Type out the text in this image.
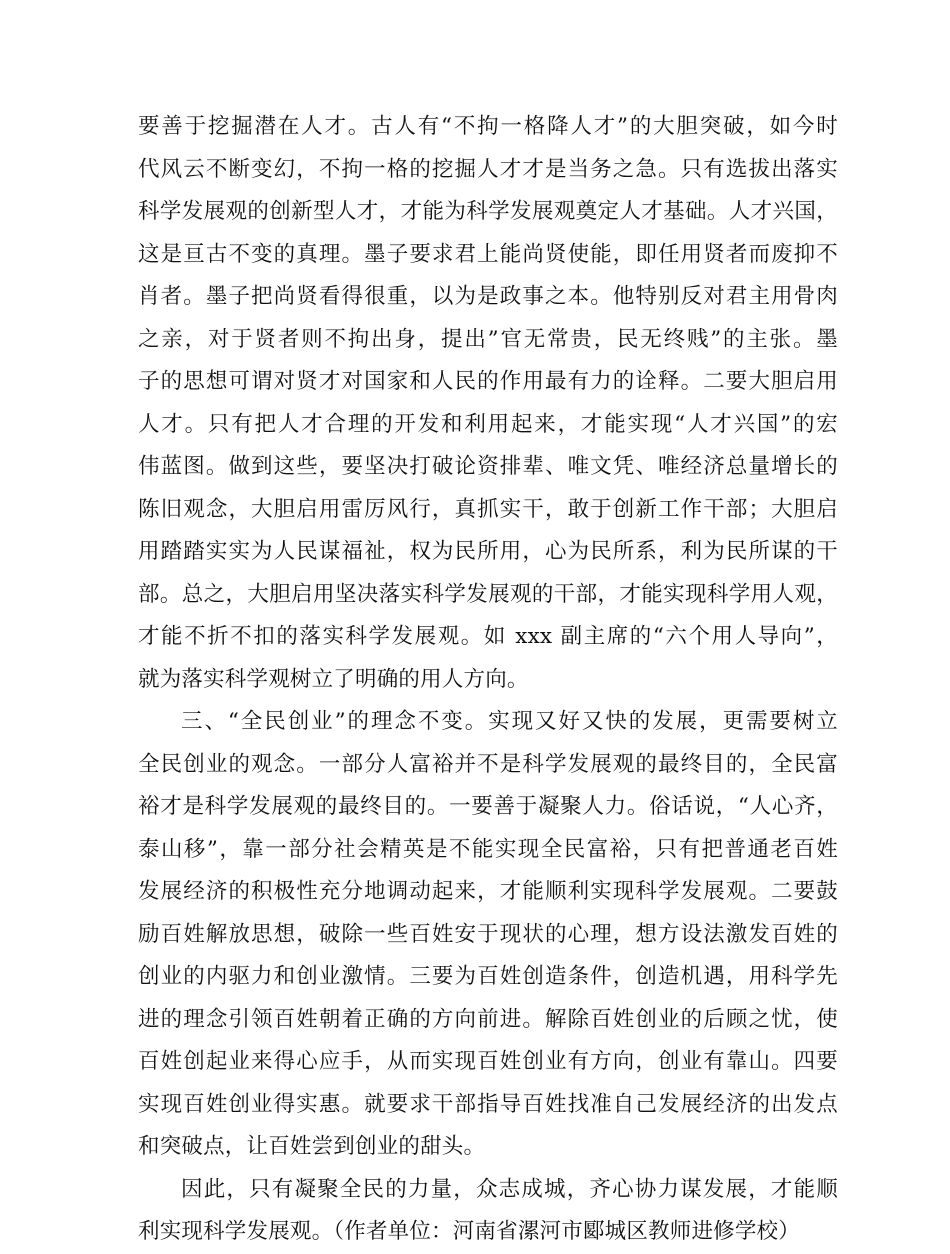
要善于挖掘潜在人才。古人有“不拘一格降人才”的大胆突破，如今时
代风云不断变幻，不拘一格的挖掘人才才是当务之急。只有选拔出落实
科学发展观的创新型人才，才能为科学发展观奠定人才基础。人才兴国，
这是亘古不变的真理。墨子要求君上能尚贤使能，即任用贤者而废抑不
肖者。墨子把尚贤看得很重，以为是政事之本。他特别反对君主用骨肉
之亲，对于贤者则不拘出身，提出”官无常贵，民无终贱”的主张。墨
子的思想可谓对贤才对国家和人民的作用最有力的诠释。二要大胆启用
人才。只有把人才合理的开发和利用起来，才能实现“人才兴国”的宏
伟蓝图。做到这些，要坚决打破论资排辈、唯文凭、唯经济总量增长的
陈旧观念，大胆启用雷厉风行，真抓实干，敢于创新工作干部；大胆启
用踏踏实实为人民谋福祉，权为民所用，心为民所系，利为民所谋的干
部。总之，大胆启用坚决落实科学发展观的干部，才能实现科学用人观，
才能不折不扣的落实科学发展观。如 xxx 副主席的“六个用人导向”，
就为落实科学观树立了明确的用人方向。
三、“全民创业”的理念不变。实现又好又快的发展，更需要树立
全民创业的观念。一部分人富裕并不是科学发展观的最终目的，全民富
裕才是科学发展观的最终目的。一要善于凝聚人力。俗话说，“人心齐，
泰山移”，靠一部分社会精英是不能实现全民富裕，只有把普通老百姓
发展经济的积极性充分地调动起来，才能顺利实现科学发展观。二要鼓
励百姓解放思想，破除一些百姓安于现状的心理，想方设法激发百姓的
创业的内驱力和创业激情。三要为百姓创造条件，创造机遇，用科学先
进的理念引领百姓朝着正确的方向前进。解除百姓创业的后顾之忧，使
百姓创起业来得心应手，从而实现百姓创业有方向，创业有靠山。四要
实现百姓创业得实惠。就要求干部指导百姓找准自己发展经济的出发点
和突破点，让百姓尝到创业的甜头。
因此，只有凝聚全民的力量，众志成城，齐心协力谋发展，才能顺
利实现科学发展观。（作者单位：河南省漯河市郾城区教师进修学校）
